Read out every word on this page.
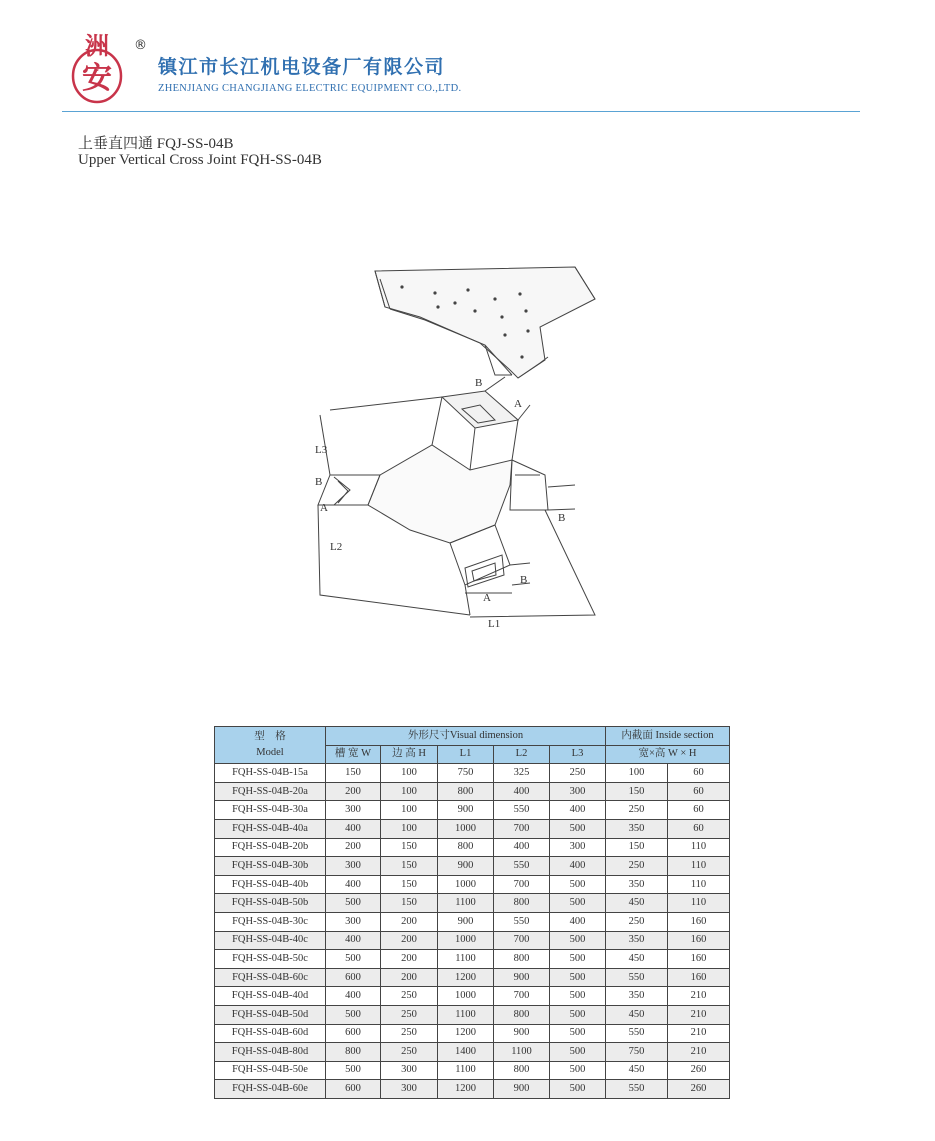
洲
安
®
镇江市长江机电设备厂有限公司
ZHENJIANG CHANGJIANG ELECTRIC EQUIPMENT CO.,LTD.
上垂直四通 FQJ-SS-04B
Upper Vertical Cross Joint FQH-SS-04B
B
A
L3
B
A
L2
B
B
A
L1
型　格
Model	外形尺寸Visual dimension					内截面 Inside section	
	槽 宽 W	边 高 H	L1	L2	L3	宽×高 W × H	
FQH-SS-04B-15a	150	100	750	325	250	100	60
FQH-SS-04B-20a	200	100	800	400	300	150	60
FQH-SS-04B-30a	300	100	900	550	400	250	60
FQH-SS-04B-40a	400	100	1000	700	500	350	60
FQH-SS-04B-20b	200	150	800	400	300	150	110
FQH-SS-04B-30b	300	150	900	550	400	250	110
FQH-SS-04B-40b	400	150	1000	700	500	350	110
FQH-SS-04B-50b	500	150	1100	800	500	450	110
FQH-SS-04B-30c	300	200	900	550	400	250	160
FQH-SS-04B-40c	400	200	1000	700	500	350	160
FQH-SS-04B-50c	500	200	1100	800	500	450	160
FQH-SS-04B-60c	600	200	1200	900	500	550	160
FQH-SS-04B-40d	400	250	1000	700	500	350	210
FQH-SS-04B-50d	500	250	1100	800	500	450	210
FQH-SS-04B-60d	600	250	1200	900	500	550	210
FQH-SS-04B-80d	800	250	1400	1100	500	750	210
FQH-SS-04B-50e	500	300	1100	800	500	450	260
FQH-SS-04B-60e	600	300	1200	900	500	550	260
